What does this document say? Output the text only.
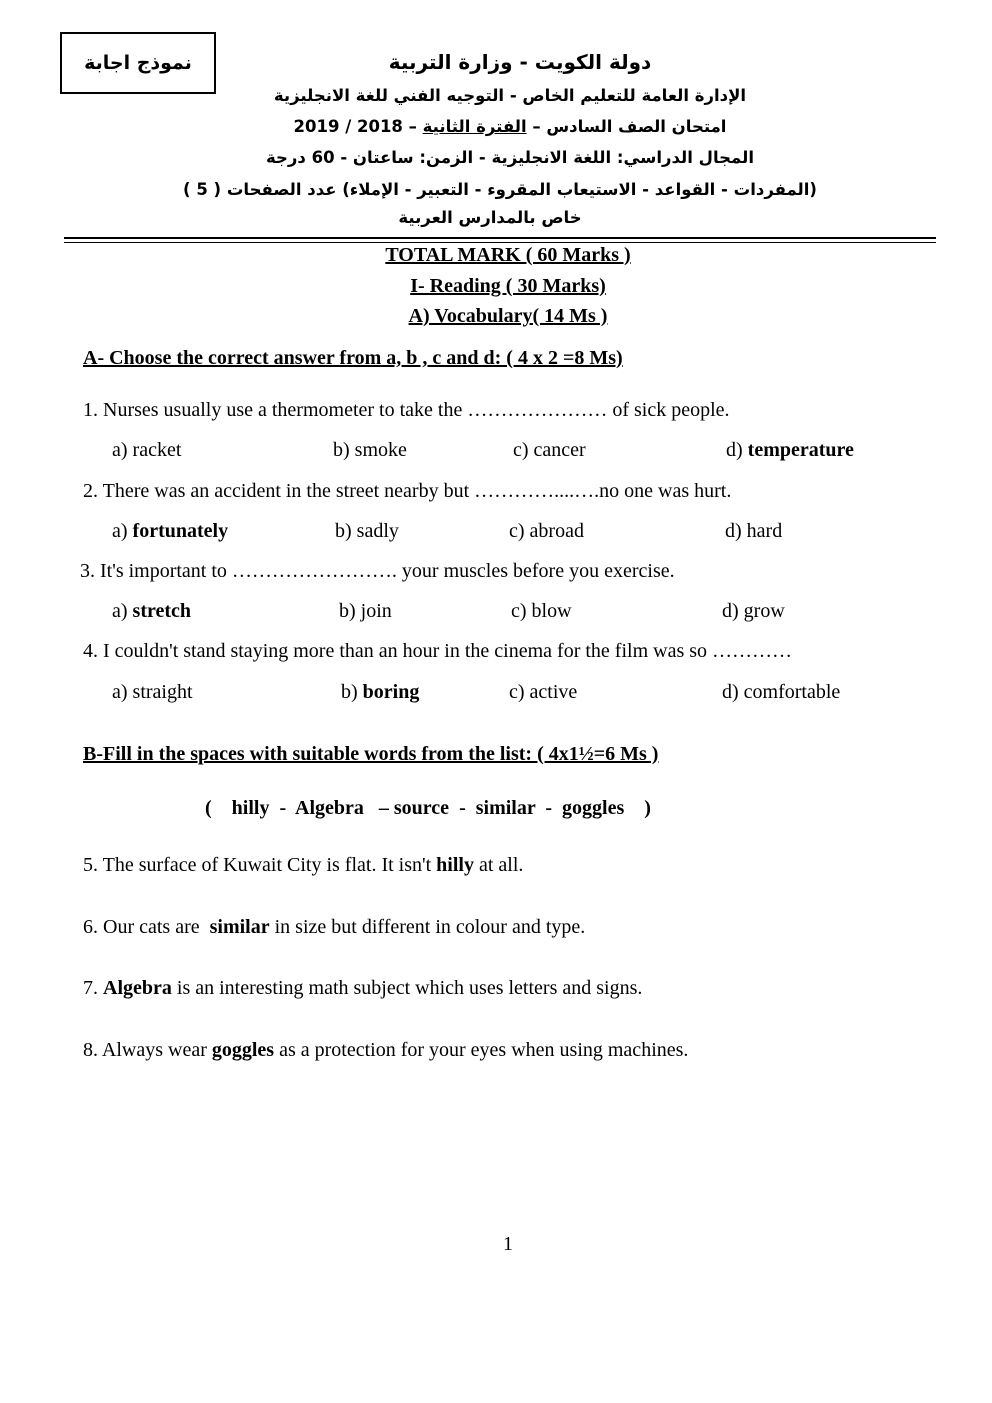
نموذج اجابة	دولة الكويت - وزارة التربية
الإدارة العامة للتعليم الخاص - التوجيه الفني للغة الانجليزية
امتحان الصف السادس – الفترة الثانية – 2018 / 2019
المجال الدراسي: اللغة الانجليزية - الزمن: ساعتان - 60 درجة
(المفردات - القواعد - الاستيعاب المقروء - التعبير - الإملاء) عدد الصفحات ( 5 )
خاص بالمدارس العربية
TOTAL MARK ( 60 Marks )
I- Reading ( 30 Marks)
A) Vocabulary( 14 Ms )
A- Choose the correct answer from a, b , c and d: ( 4 x 2 =8 Ms)
1. Nurses usually use a thermometer to take the ………………… of sick people.
a) racket	b) smoke	c) cancer	d) temperature
2. There was an accident in the street nearby but …………....….no one was hurt.
a) fortunately	b) sadly	c) abroad	d) hard
3. It's important to ……………………. your muscles before you exercise.
a) stretch	b) join	c) blow	d) grow
4. I couldn't stand staying more than an hour in the cinema for the film was so …………
a) straight	b) boring	c) active	d) comfortable
B-Fill in the spaces with suitable words from the list: ( 4x1½=6 Ms )
(    hilly  -  Algebra   – source  -  similar  -  goggles    )
5. The surface of Kuwait City is flat. It isn't hilly at all.
6. Our cats are  similar in size but different in colour and type.
7. Algebra is an interesting math subject which uses letters and signs.
8. Always wear goggles as a protection for your eyes when using machines.
1
